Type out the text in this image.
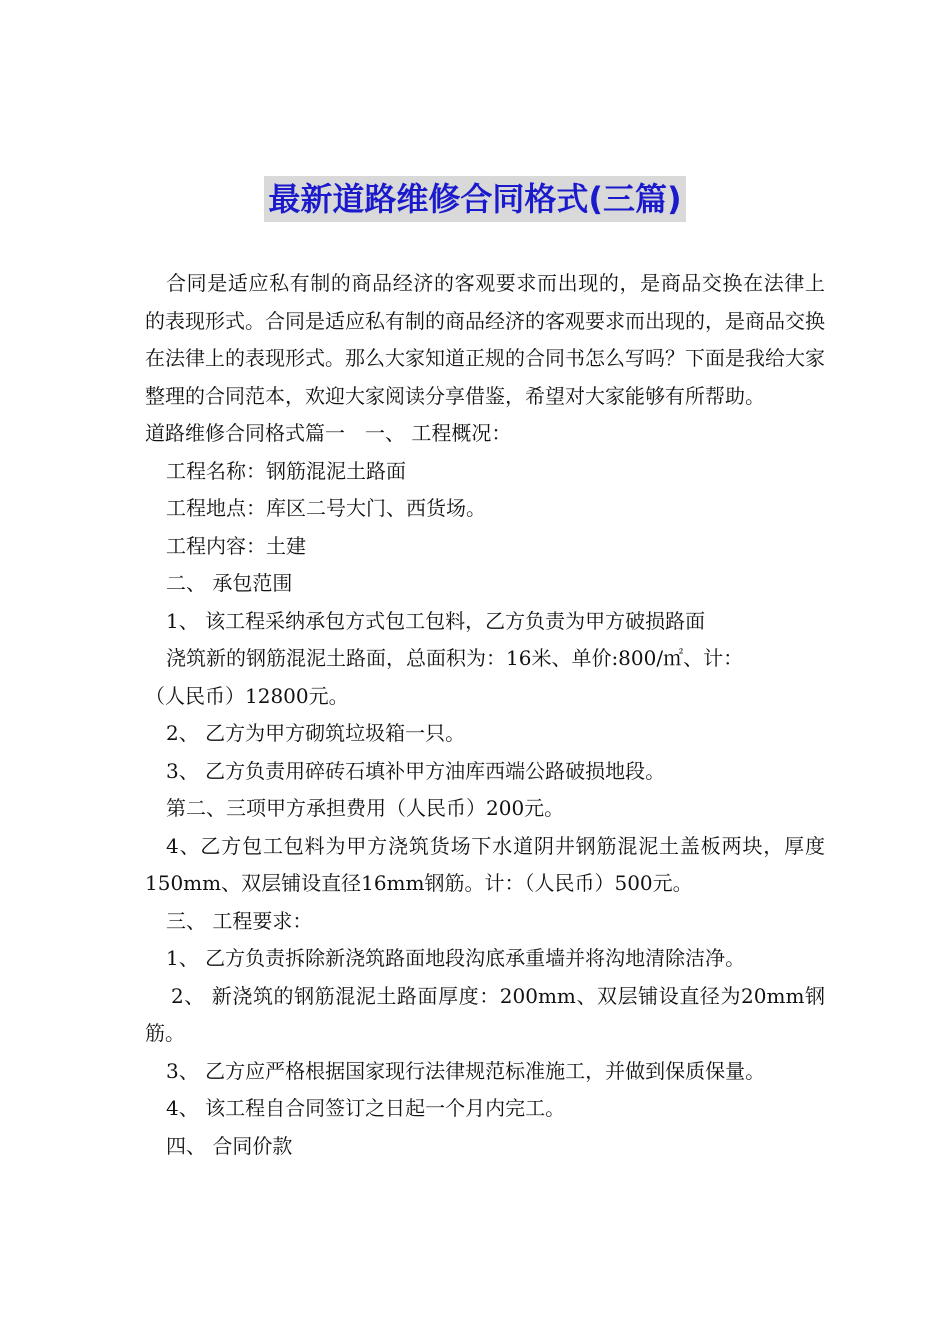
最新道路维修合同格式(三篇)

合同是适应私有制的商品经济的客观要求而出现的，是商品交换在法律上的表现形式。合同是适应私有制的商品经济的客观要求而出现的，是商品交换在法律上的表现形式。那么大家知道正规的合同书怎么写吗？下面是我给大家整理的合同范本，欢迎大家阅读分享借鉴，希望对大家能够有所帮助。

道路维修合同格式篇一　一、 工程概况：

工程名称：钢筋混泥土路面

工程地点：库区二号大门、西货场。

工程内容：土建

二、 承包范围

1、 该工程采纳承包方式包工包料，乙方负责为甲方破损路面

浇筑新的钢筋混泥土路面，总面积为：16米、单价:800/㎡、计：

（人民币）12800元。

2、 乙方为甲方砌筑垃圾箱一只。

3、 乙方负责用碎砖石填补甲方油库西端公路破损地段。

第二、三项甲方承担费用（人民币）200元。

4、乙方包工包料为甲方浇筑货场下水道阴井钢筋混泥土盖板两块，厚度150mm、双层铺设直径16mm钢筋。计：（人民币）500元。

三、 工程要求：

1、 乙方负责拆除新浇筑路面地段沟底承重墙并将沟地清除洁净。

2、 新浇筑的钢筋混泥土路面厚度：200mm、双层铺设直径为20mm钢筋。

3、 乙方应严格根据国家现行法律规范标准施工，并做到保质保量。

4、 该工程自合同签订之日起一个月内完工。

四、 合同价款
